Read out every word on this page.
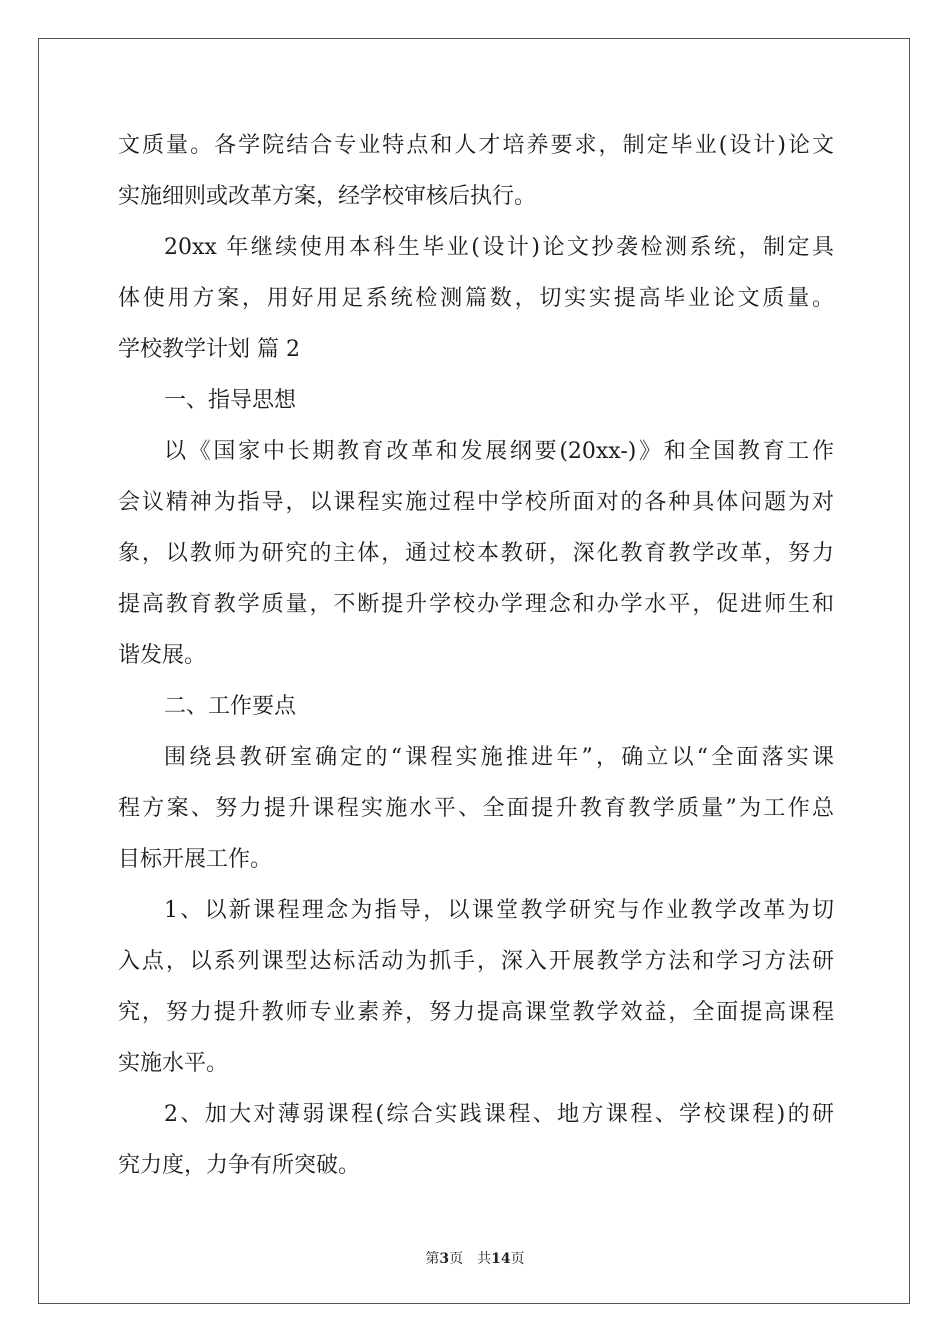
文质量。各学院结合专业特点和人才培养要求，制定毕业(设计)论文
实施细则或改革方案，经学校审核后执行。
20xx 年继续使用本科生毕业(设计)论文抄袭检测系统，制定具
体使用方案，用好用足系统检测篇数，切实实提高毕业论文质量。
学校教学计划 篇 2
一、指导思想
以《国家中长期教育改革和发展纲要(20xx-)》和全国教育工作
会议精神为指导，以课程实施过程中学校所面对的各种具体问题为对
象，以教师为研究的主体，通过校本教研，深化教育教学改革，努力
提高教育教学质量，不断提升学校办学理念和办学水平，促进师生和
谐发展。
二、工作要点
围绕县教研室确定的“课程实施推进年”，确立以“全面落实课
程方案、努力提升课程实施水平、全面提升教育教学质量”为工作总
目标开展工作。
1、以新课程理念为指导，以课堂教学研究与作业教学改革为切
入点，以系列课型达标活动为抓手，深入开展教学方法和学习方法研
究，努力提升教师专业素养，努力提高课堂教学效益，全面提高课程
实施水平。
2、加大对薄弱课程(综合实践课程、地方课程、学校课程)的研
究力度，力争有所突破。
第3页 共14页
